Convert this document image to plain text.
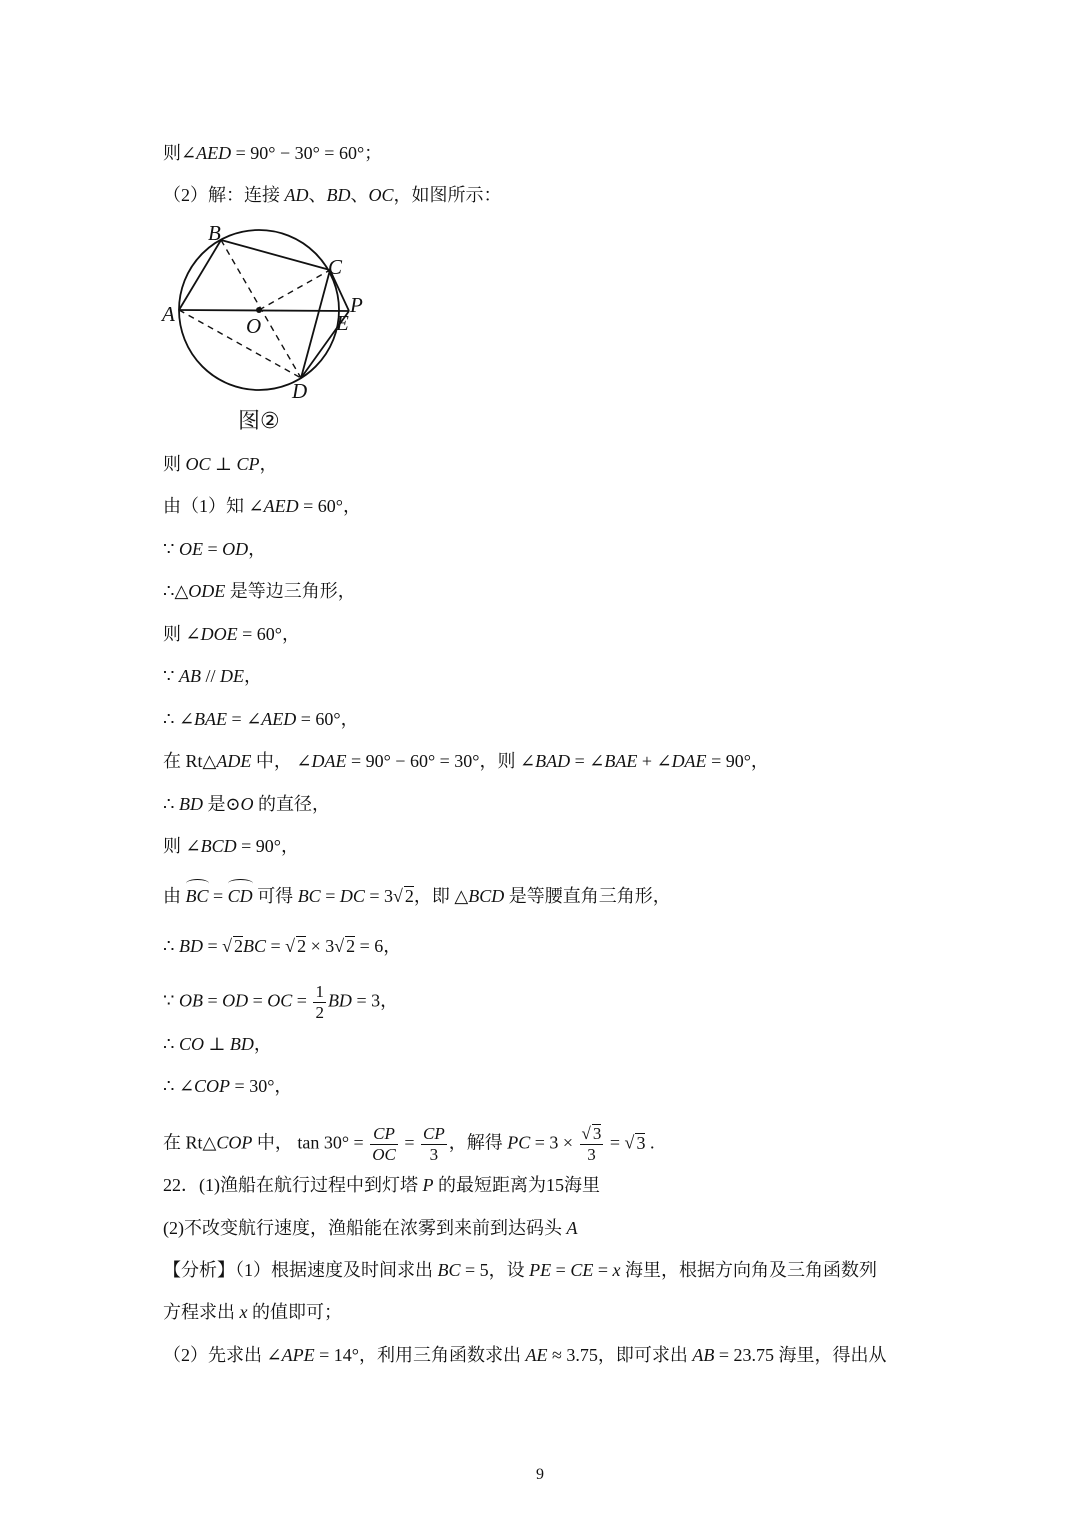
则∠AED = 90° − 30° = 60°；
（2）解：连接 AD、BD、OC，如图所示：
B
C
A	O
P
E
D
图②
则 OC ⊥ CP，
由（1）知 ∠AED = 60°，
∵ OE = OD，
∴△ODE 是等边三角形，
则 ∠DOE = 60°，
∵ AB // DE，
∴ ∠BAE = ∠AED = 60°，
在 Rt△ADE 中， ∠DAE = 90° − 60° = 30°，则 ∠BAD = ∠BAE + ∠DAE = 90°，
∴ BD 是⊙O 的直径，
则 ∠BCD = 90°，
由 BC = CD 可得 BC = DC = 3√ 2，即 △BCD 是等腰直角三角形，
∴ BD = √ 2BC = √ 2 × 3√ 2 = 6，
∵ OB = OD = OC = $\frac{1}{2}$ BD = 3，
∴ CO ⊥ BD，
∴ ∠COP = 30°，
在 Rt△COP 中， $\tan 30^\circ = \frac{CP}{OC} = \frac{CP}{3}$ ，解得 PC = $3 \times \frac{√ 3}{3}$ = √ 3 .
22．(1)渔船在航行过程中到灯塔 P 的最短距离为15海里
(2)不改变航行速度，渔船能在浓雾到来前到达码头 A
【分析】（1）根据速度及时间求出 BC = 5，设 PE = CE = x 海里，根据方向角及三角函数列
方程求出 x 的值即可；
（2）先求出 ∠APE = 14°，利用三角函数求出 AE ≈ 3.75，即可求出 AB = 23.75 海里，得出从
9
